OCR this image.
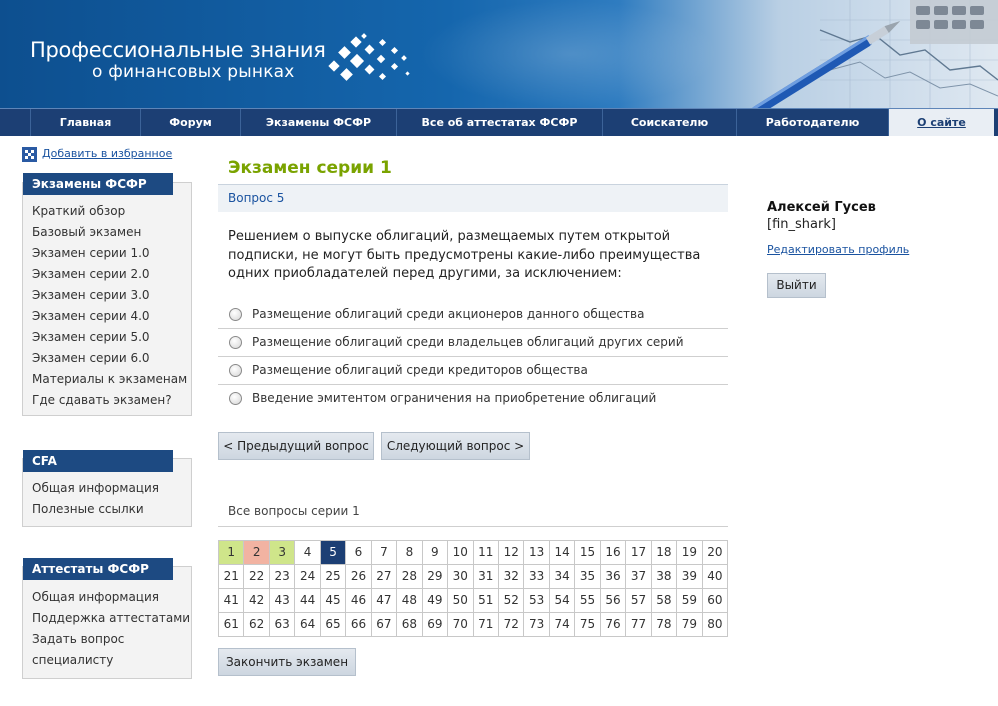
Профессиональные знания
о финансовых рынках
Главная	Форум	Экзамены ФСФР	Все об аттестатах ФСФР	Соискателю	Работодателю	О сайте
Добавить в избранное
Экзамены ФСФР
Краткий обзор
Базовый экзамен
Экзамен серии 1.0
Экзамен серии 2.0
Экзамен серии 3.0
Экзамен серии 4.0
Экзамен серии 5.0
Экзамен серии 6.0
Материалы к экзаменам
Где сдавать экзамен?
CFA
Общая информация
Полезные ссылки
Аттестаты ФСФР
Общая информация
Поддержка аттестатами
Задать вопрос
специалисту
Экзамен серии 1
Вопрос 5
Решением о выпуске облигаций, размещаемых путем открытой подписки, не могут быть предусмотрены какие-либо преимущества одних приобладателей перед другими, за исключением:
Размещение облигаций среди акционеров данного общества
Размещение облигаций среди владельцев облигаций других серий
Размещение облигаций среди кредиторов общества
Введение эмитентом ограничения на приобретение облигаций
< Предыдущий вопрос	Следующий вопрос >
Все вопросы серии 1
1	2	3	4	5	6	7	8	9	10 11 12 13 14 15 16 17 18 19 20
21 22 23 24 25 26 27 28 29 30 31 32 33 34 35 36 37 38 39 40
41 42 43 44 45 46 47 48 49 50 51 52 53 54 55 56 57 58 59 60
61 62 63 64 65 66 67 68 69 70 71 72 73 74 75 76 77 78 79 80
Закончить экзамен
Алексей Гусев
[fin_shark]
Редактировать профиль
Выйти
